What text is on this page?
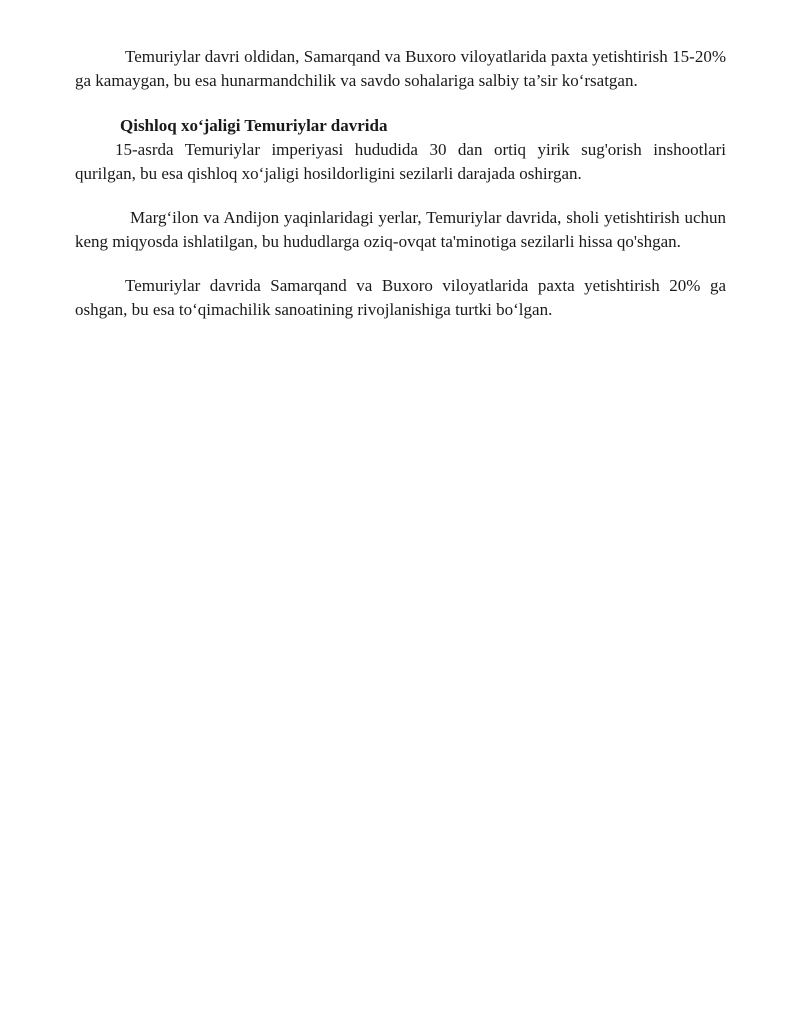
Temuriylar davri oldidan, Samarqand va Buxoro viloyatlarida paxta yetishtirish 15-20% ga kamaygan, bu esa hunarmandchilik va savdo sohalariga salbiy ta’sir ko‘rsatgan.

Qishloq xo‘jaligi Temuriylar davrida

15-asrda Temuriylar imperiyasi hududida 30 dan ortiq yirik sug'orish inshootlari qurilgan, bu esa qishloq xo‘jaligi hosildorligini sezilarli darajada oshirgan.

Marg‘ilon va Andijon yaqinlaridagi yerlar, Temuriylar davrida, sholi yetishtirish uchun keng miqyosda ishlatilgan, bu hududlarga oziq-ovqat ta'minotiga sezilarli hissa qo'shgan.

Temuriylar davrida Samarqand va Buxoro viloyatlarida paxta yetishtirish 20% ga oshgan, bu esa to‘qimachilik sanoatining rivojlanishiga turtki bo‘lgan.
